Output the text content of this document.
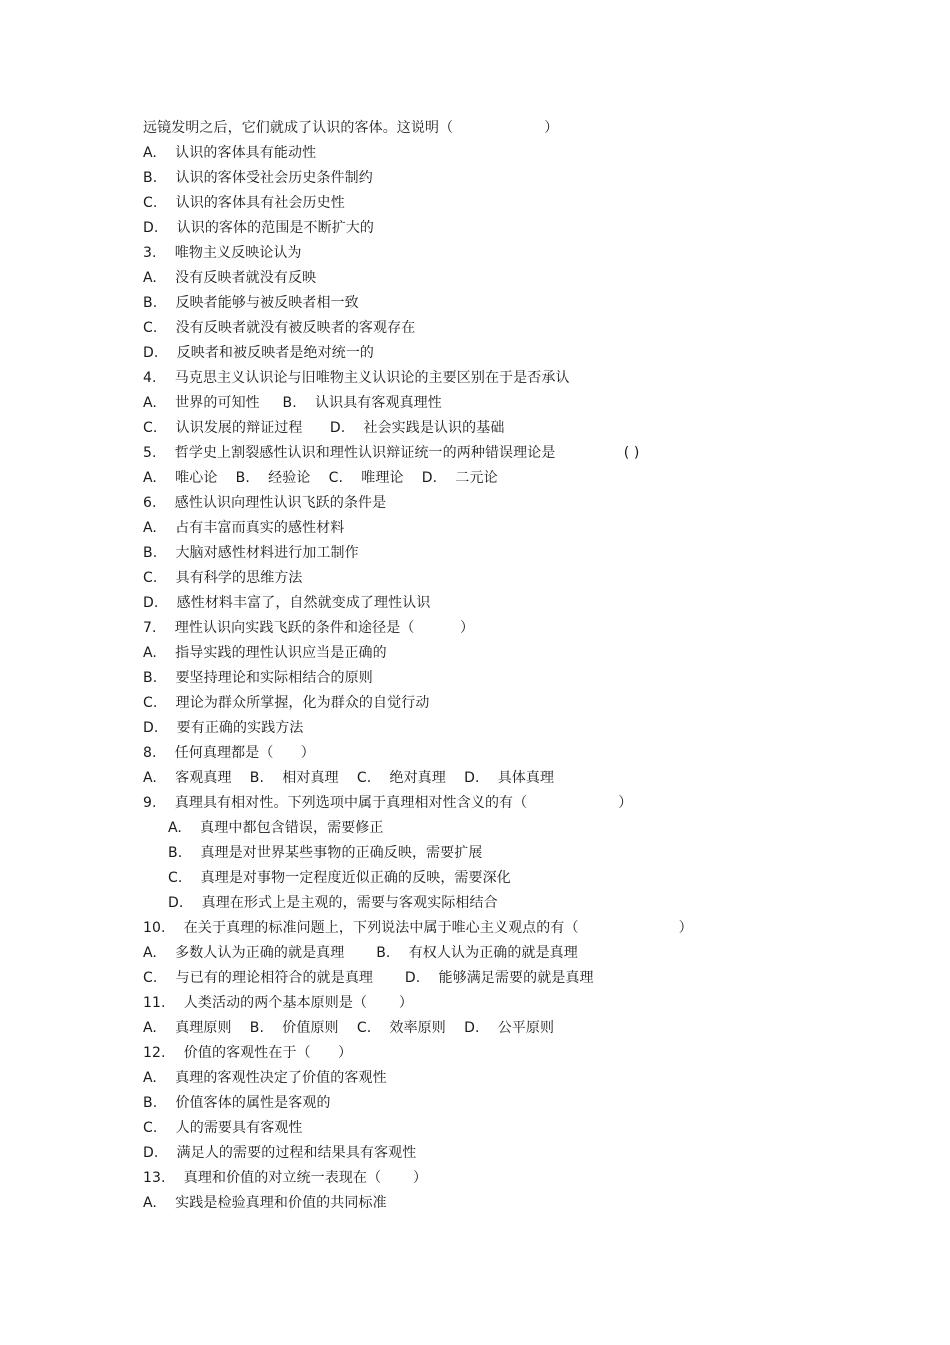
远镜发明之后，它们就成了认识的客体。这说明（                    ）
A.    认识的客体具有能动性
B.    认识的客体受社会历史条件制约
C.    认识的客体具有社会历史性
D.    认识的客体的范围是不断扩大的
3.    唯物主义反映论认为
A.    没有反映者就没有反映
B.    反映者能够与被反映者相一致
C.    没有反映者就没有被反映者的客观存在
D.    反映者和被反映者是绝对统一的
4.    马克思主义认识论与旧唯物主义认识论的主要区别在于是否承认
A.    世界的可知性     B.    认识具有客观真理性
C.    认识发展的辩证过程      D.    社会实践是认识的基础
5.    哲学史上割裂感性认识和理性认识辩证统一的两种错误理论是               ( )
A.    唯心论    B.    经验论    C.    唯理论    D.    二元论
6.    感性认识向理性认识飞跃的条件是
A.    占有丰富而真实的感性材料
B.    大脑对感性材料进行加工制作
C.    具有科学的思维方法
D.    感性材料丰富了，自然就变成了理性认识
7.    理性认识向实践飞跃的条件和途径是（          ）
A.    指导实践的理性认识应当是正确的
B.    要坚持理论和实际相结合的原则
C.    理论为群众所掌握，化为群众的自觉行动
D.    要有正确的实践方法
8.    任何真理都是（      ）
A.    客观真理    B.    相对真理    C.    绝对真理    D.    具体真理
9.    真理具有相对性。下列选项中属于真理相对性含义的有（                    ）
A.    真理中都包含错误，需要修正
B.    真理是对世界某些事物的正确反映，需要扩展
C.    真理是对事物一定程度近似正确的反映，需要深化
D.    真理在形式上是主观的，需要与客观实际相结合
10.    在关于真理的标准问题上，下列说法中属于唯心主义观点的有（                      ）
A.    多数人认为正确的就是真理       B.    有权人认为正确的就是真理
C.    与已有的理论相符合的就是真理       D.    能够满足需要的就是真理
11.    人类活动的两个基本原则是（       ）
A.    真理原则    B.    价值原则    C.    效率原则    D.    公平原则
12.    价值的客观性在于（      ）
A.    真理的客观性决定了价值的客观性
B.    价值客体的属性是客观的
C.    人的需要具有客观性
D.    满足人的需要的过程和结果具有客观性
13.    真理和价值的对立统一表现在（       ）
A.    实践是检验真理和价值的共同标准
